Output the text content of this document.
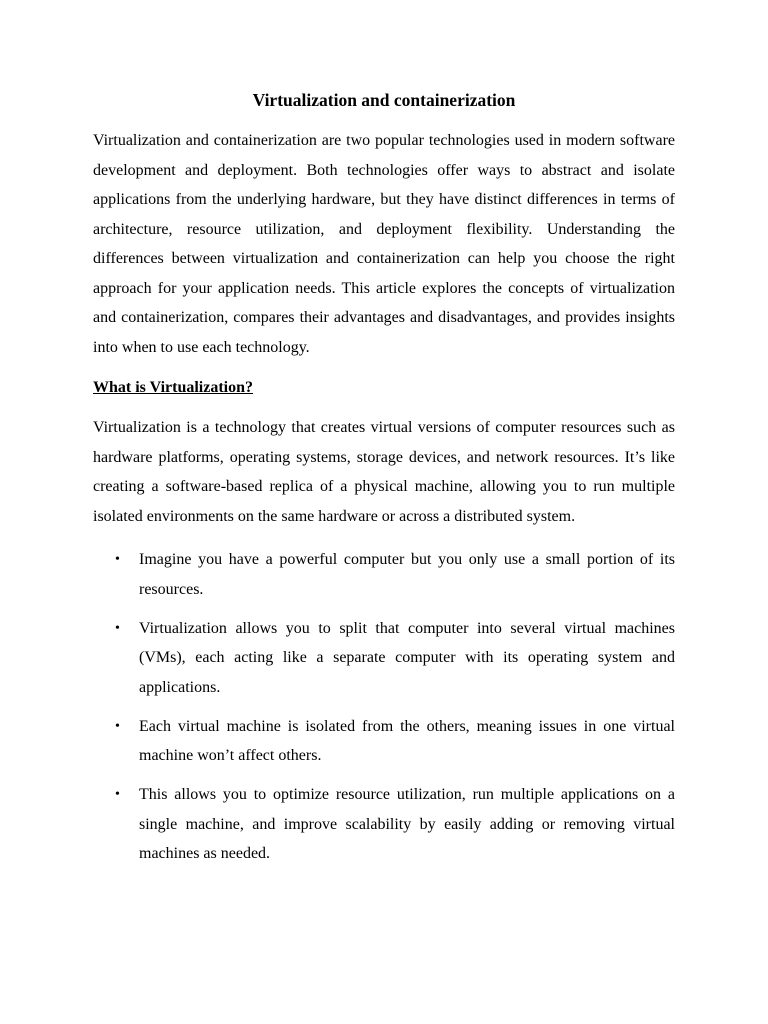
Virtualization and containerization

Virtualization and containerization are two popular technologies used in modern software development and deployment. Both technologies offer ways to abstract and isolate applications from the underlying hardware, but they have distinct differences in terms of architecture, resource utilization, and deployment flexibility. Understanding the differences between virtualization and containerization can help you choose the right approach for your application needs. This article explores the concepts of virtualization and containerization, compares their advantages and disadvantages, and provides insights into when to use each technology.

What is Virtualization?

Virtualization is a technology that creates virtual versions of computer resources such as hardware platforms, operating systems, storage devices, and network resources. It’s like creating a software-based replica of a physical machine, allowing you to run multiple isolated environments on the same hardware or across a distributed system.

• Imagine you have a powerful computer but you only use a small portion of its resources.
• Virtualization allows you to split that computer into several virtual machines (VMs), each acting like a separate computer with its operating system and applications.
• Each virtual machine is isolated from the others, meaning issues in one virtual machine won’t affect others.
• This allows you to optimize resource utilization, run multiple applications on a single machine, and improve scalability by easily adding or removing virtual machines as needed.
